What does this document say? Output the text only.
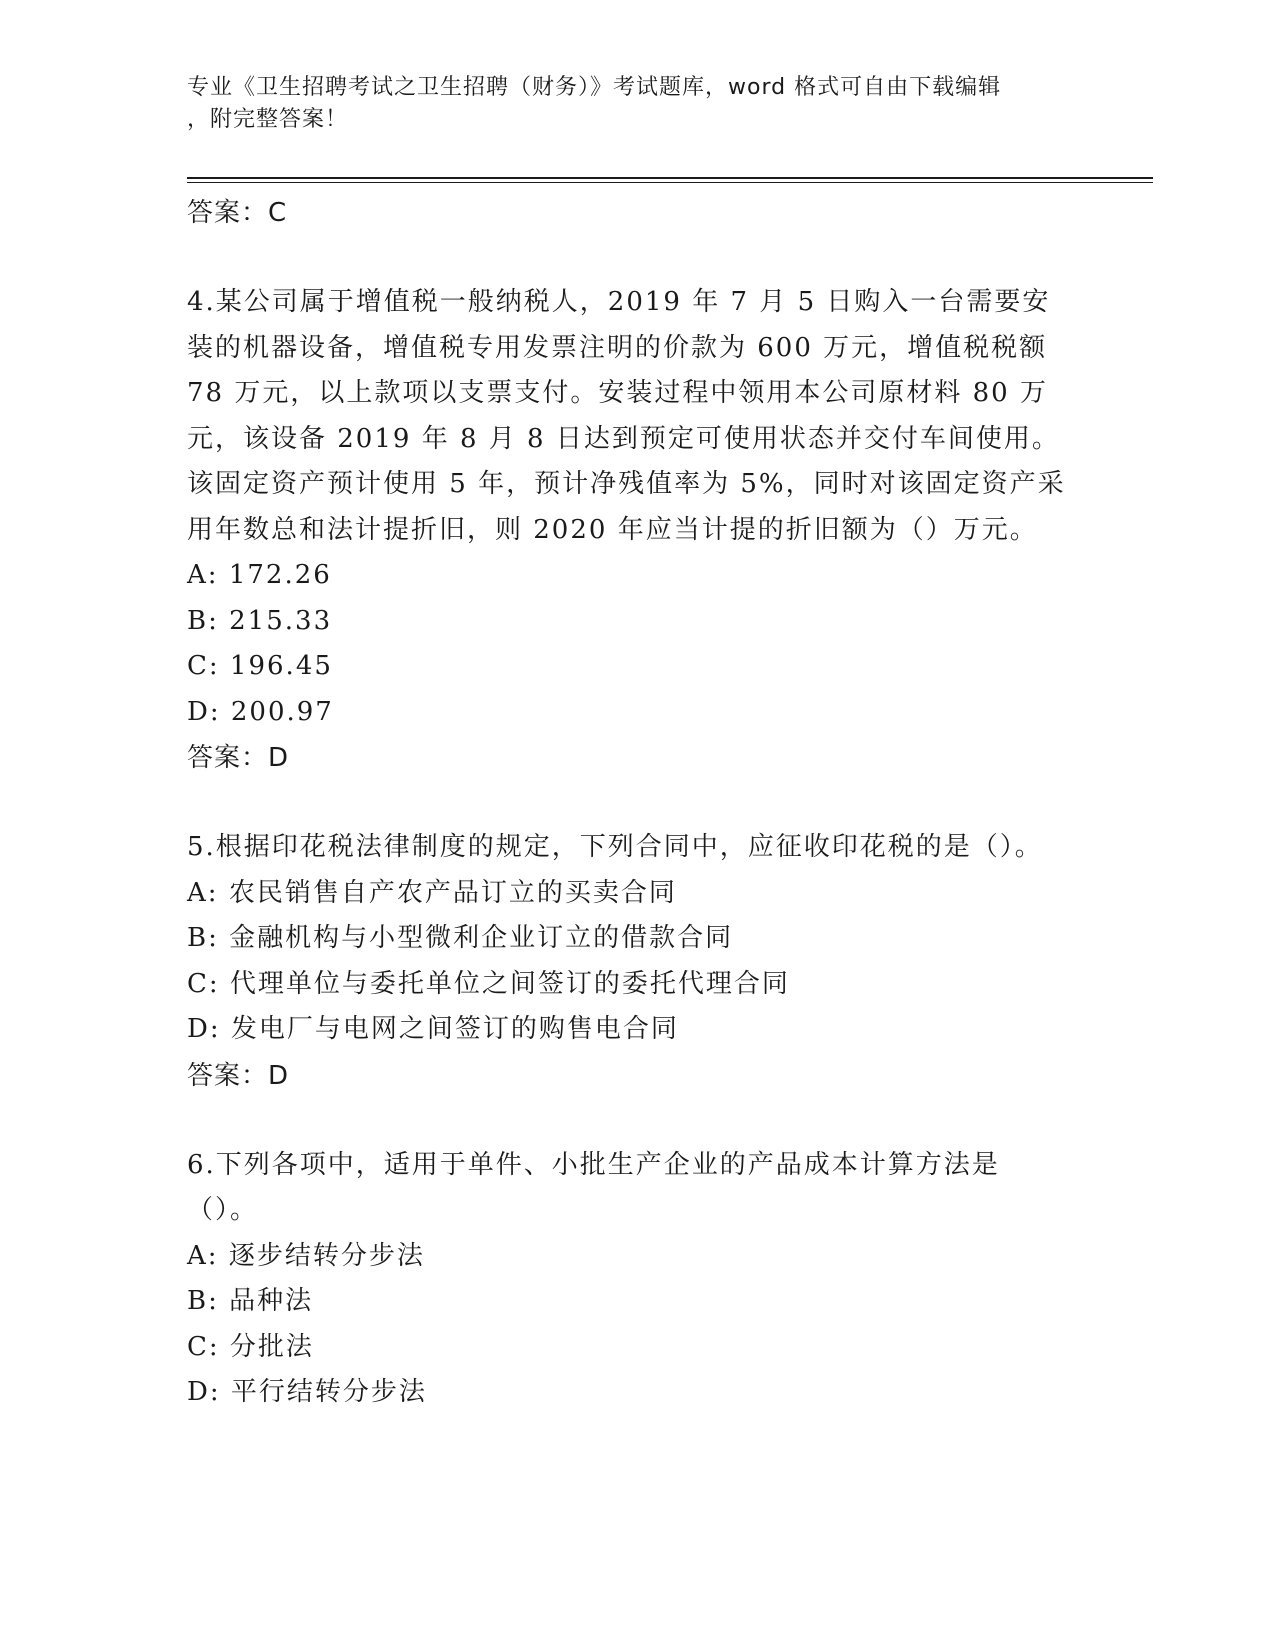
专业《卫生招聘考试之卫生招聘（财务）》考试题库，word 格式可自由下载编辑
，附完整答案！

答案：C

4.某公司属于增值税一般纳税人，2019 年 7 月 5 日购入一台需要安装的机器设备，增值税专用发票注明的价款为 600 万元，增值税税额 78 万元，以上款项以支票支付。安装过程中领用本公司原材料 80 万元，该设备 2019 年 8 月 8 日达到预定可使用状态并交付车间使用。该固定资产预计使用 5 年，预计净残值率为 5%，同时对该固定资产采用年数总和法计提折旧，则 2020 年应当计提的折旧额为（）万元。

A: 172.26

B: 215.33

C: 196.45

D: 200.97

答案：D

5.根据印花税法律制度的规定，下列合同中，应征收印花税的是（）。

A: 农民销售自产农产品订立的买卖合同

B: 金融机构与小型微利企业订立的借款合同

C: 代理单位与委托单位之间签订的委托代理合同

D: 发电厂与电网之间签订的购售电合同

答案：D

6.下列各项中，适用于单件、小批生产企业的产品成本计算方法是（）。

A: 逐步结转分步法

B: 品种法

C: 分批法

D: 平行结转分步法
